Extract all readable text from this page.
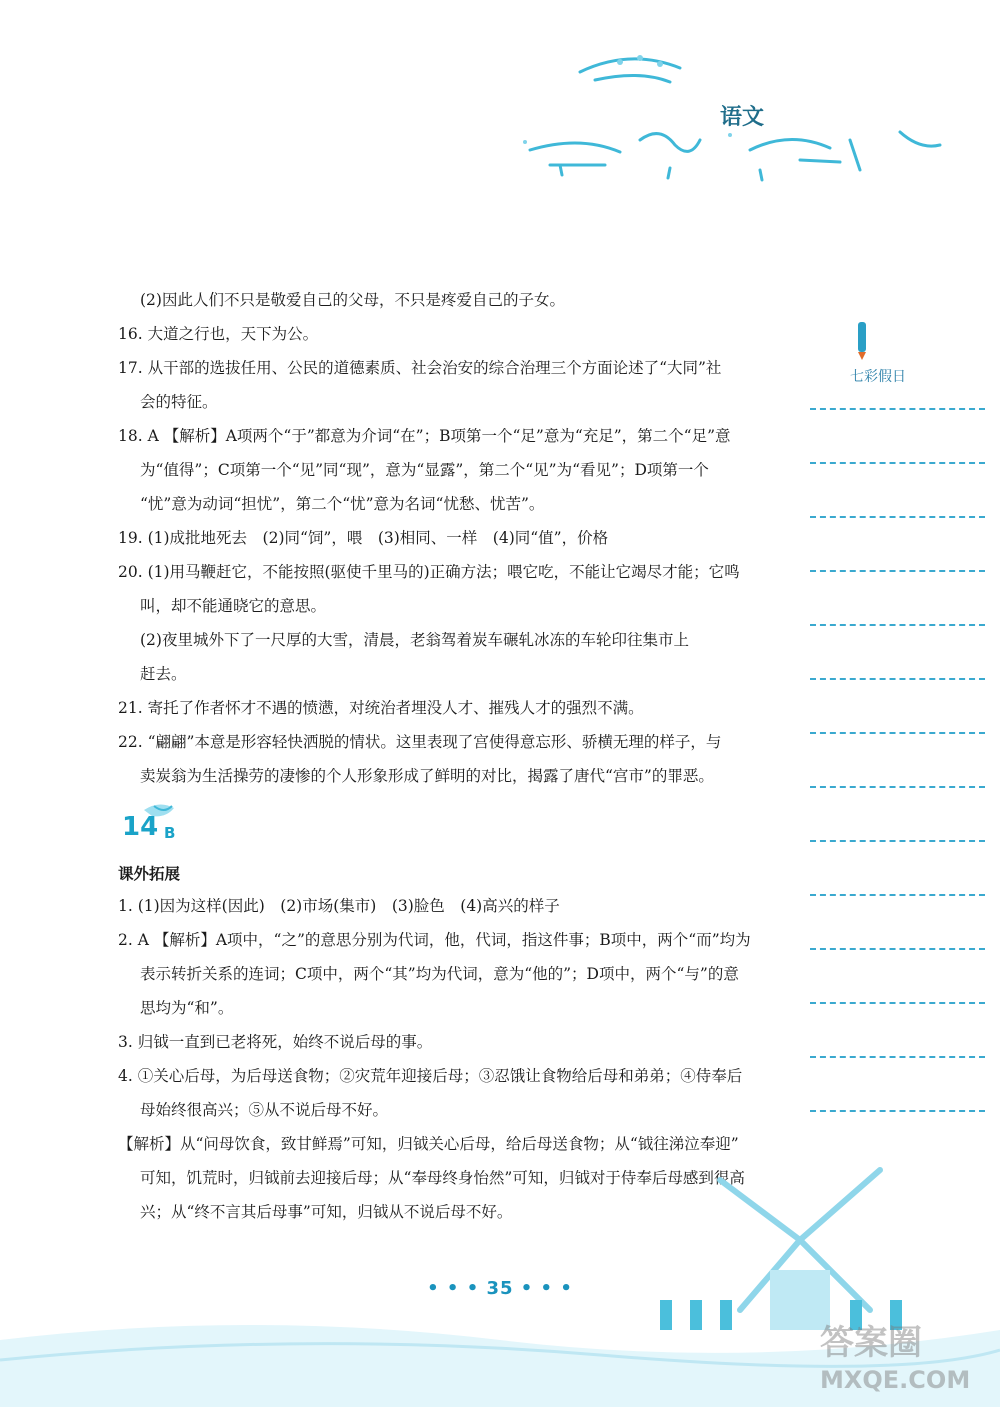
语文
(2)因此人们不只是敬爱自己的父母，不只是疼爱自己的子女。
16. 大道之行也，天下为公。
17. 从干部的选拔任用、公民的道德素质、社会治安的综合治理三个方面论述了“大同”社
会的特征。
18. A 【解析】A项两个“于”都意为介词“在”；B项第一个“足”意为“充足”，第二个“足”意
为“值得”；C项第一个“见”同“现”，意为“显露”，第二个“见”为“看见”；D项第一个
“忧”意为动词“担忧”，第二个“忧”意为名词“忧愁、忧苦”。
19. (1)成批地死去　(2)同“饲”，喂　(3)相同、一样　(4)同“值”，价格
20. (1)用马鞭赶它，不能按照(驱使千里马的)正确方法；喂它吃，不能让它竭尽才能；它鸣
叫，却不能通晓它的意思。
(2)夜里城外下了一尺厚的大雪，清晨，老翁驾着炭车碾轧冰冻的车轮印往集市上
赶去。
21. 寄托了作者怀才不遇的愤懑，对统治者埋没人才、摧残人才的强烈不满。
22. “翩翩”本意是形容轻快洒脱的情状。这里表现了宫使得意忘形、骄横无理的样子，与
卖炭翁为生活操劳的凄惨的个人形象形成了鲜明的对比，揭露了唐代“宫市”的罪恶。
课外拓展
1. (1)因为这样(因此)　(2)市场(集市)　(3)脸色　(4)高兴的样子
2. A 【解析】A项中，“之”的意思分别为代词，他，代词，指这件事；B项中，两个“而”均为
表示转折关系的连词；C项中，两个“其”均为代词，意为“他的”；D项中，两个“与”的意
思均为“和”。
3. 归钺一直到已老将死，始终不说后母的事。
4. ①关心后母，为后母送食物；②灾荒年迎接后母；③忍饿让食物给后母和弟弟；④侍奉后
母始终很高兴；⑤从不说后母不好。
【解析】从“问母饮食，致甘鲜焉”可知，归钺关心后母，给后母送食物；从“钺往涕泣奉迎”
可知，饥荒时，归钺前去迎接后母；从“奉母终身怡然”可知，归钺对于侍奉后母感到很高
兴；从“终不言其后母事”可知，归钺从不说后母不好。
14 B
七彩假日
• • • 35 • • •
答案圈
MXQE.COM
